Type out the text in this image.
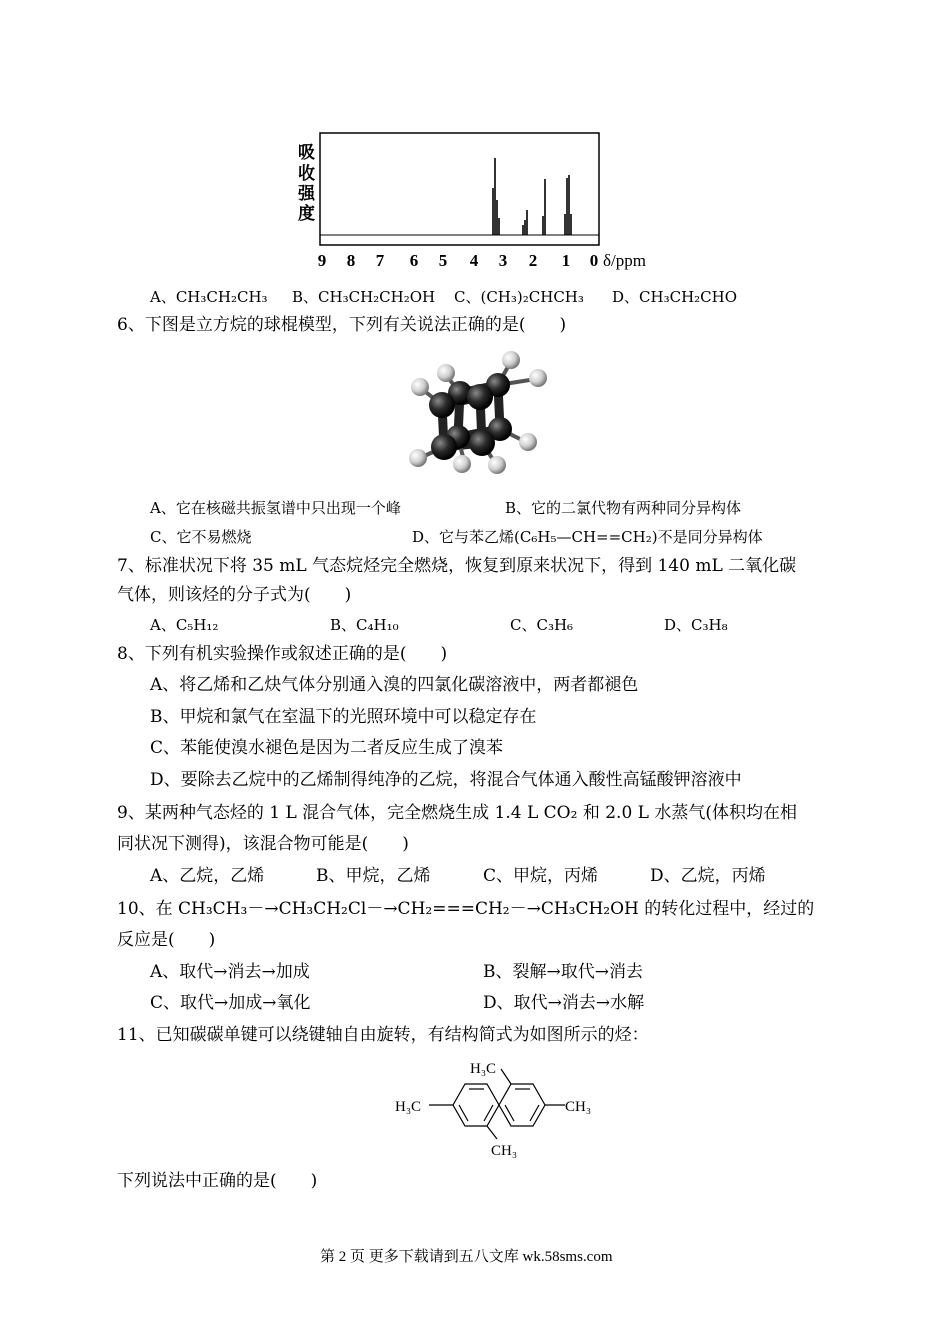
吸
收
强
度
9 8 7 6 5 4 3 2 1 0 δ/ppm
A、CH₃CH₂CH₃ B、CH₃CH₂CH₂OH C、(CH₃)₂CHCH₃ D、CH₃CH₂CHO
6、下图是立方烷的球棍模型，下列有关说法正确的是(　　)
A、它在核磁共振氢谱中只出现一个峰	B、它的二氯代物有两种同分异构体
C、它不易燃烧	D、它与苯乙烯(C₆H₅—CH==CH₂)不是同分异构体
7、标准状况下将 35 mL 气态烷烃完全燃烧，恢复到原来状况下，得到 140 mL 二氧化碳
气体，则该烃的分子式为(　　)
A、C₅H₁₂	B、C₄H₁₀	C、C₃H₆	D、C₃H₈
8、下列有机实验操作或叙述正确的是(　　)
A、将乙烯和乙炔气体分别通入溴的四氯化碳溶液中，两者都褪色
B、甲烷和氯气在室温下的光照环境中可以稳定存在
C、苯能使溴水褪色是因为二者反应生成了溴苯
D、要除去乙烷中的乙烯制得纯净的乙烷，将混合气体通入酸性高锰酸钾溶液中
9、某两种气态烃的 1 L 混合气体，完全燃烧生成 1.4 L CO₂ 和 2.0 L 水蒸气(体积均在相
同状况下测得)，该混合物可能是(　　)
A、乙烷，乙烯	B、甲烷，乙烯	C、甲烷，丙烯	D、乙烷，丙烯
10、在 CH₃CH₃－→CH₃CH₂Cl－→CH₂===CH₂－→CH₃CH₂OH 的转化过程中，经过的
反应是(　　)
A、取代→消去→加成	B、裂解→取代→消去
C、取代→加成→氧化	D、取代→消去→水解
11、已知碳碳单键可以绕键轴自由旋转，有结构简式为如图所示的烃：
H₃C
H₃C	CH₃
CH₃
下列说法中正确的是(　　)
第 2 页 更多下载请到五八文库 wk.58sms.com
